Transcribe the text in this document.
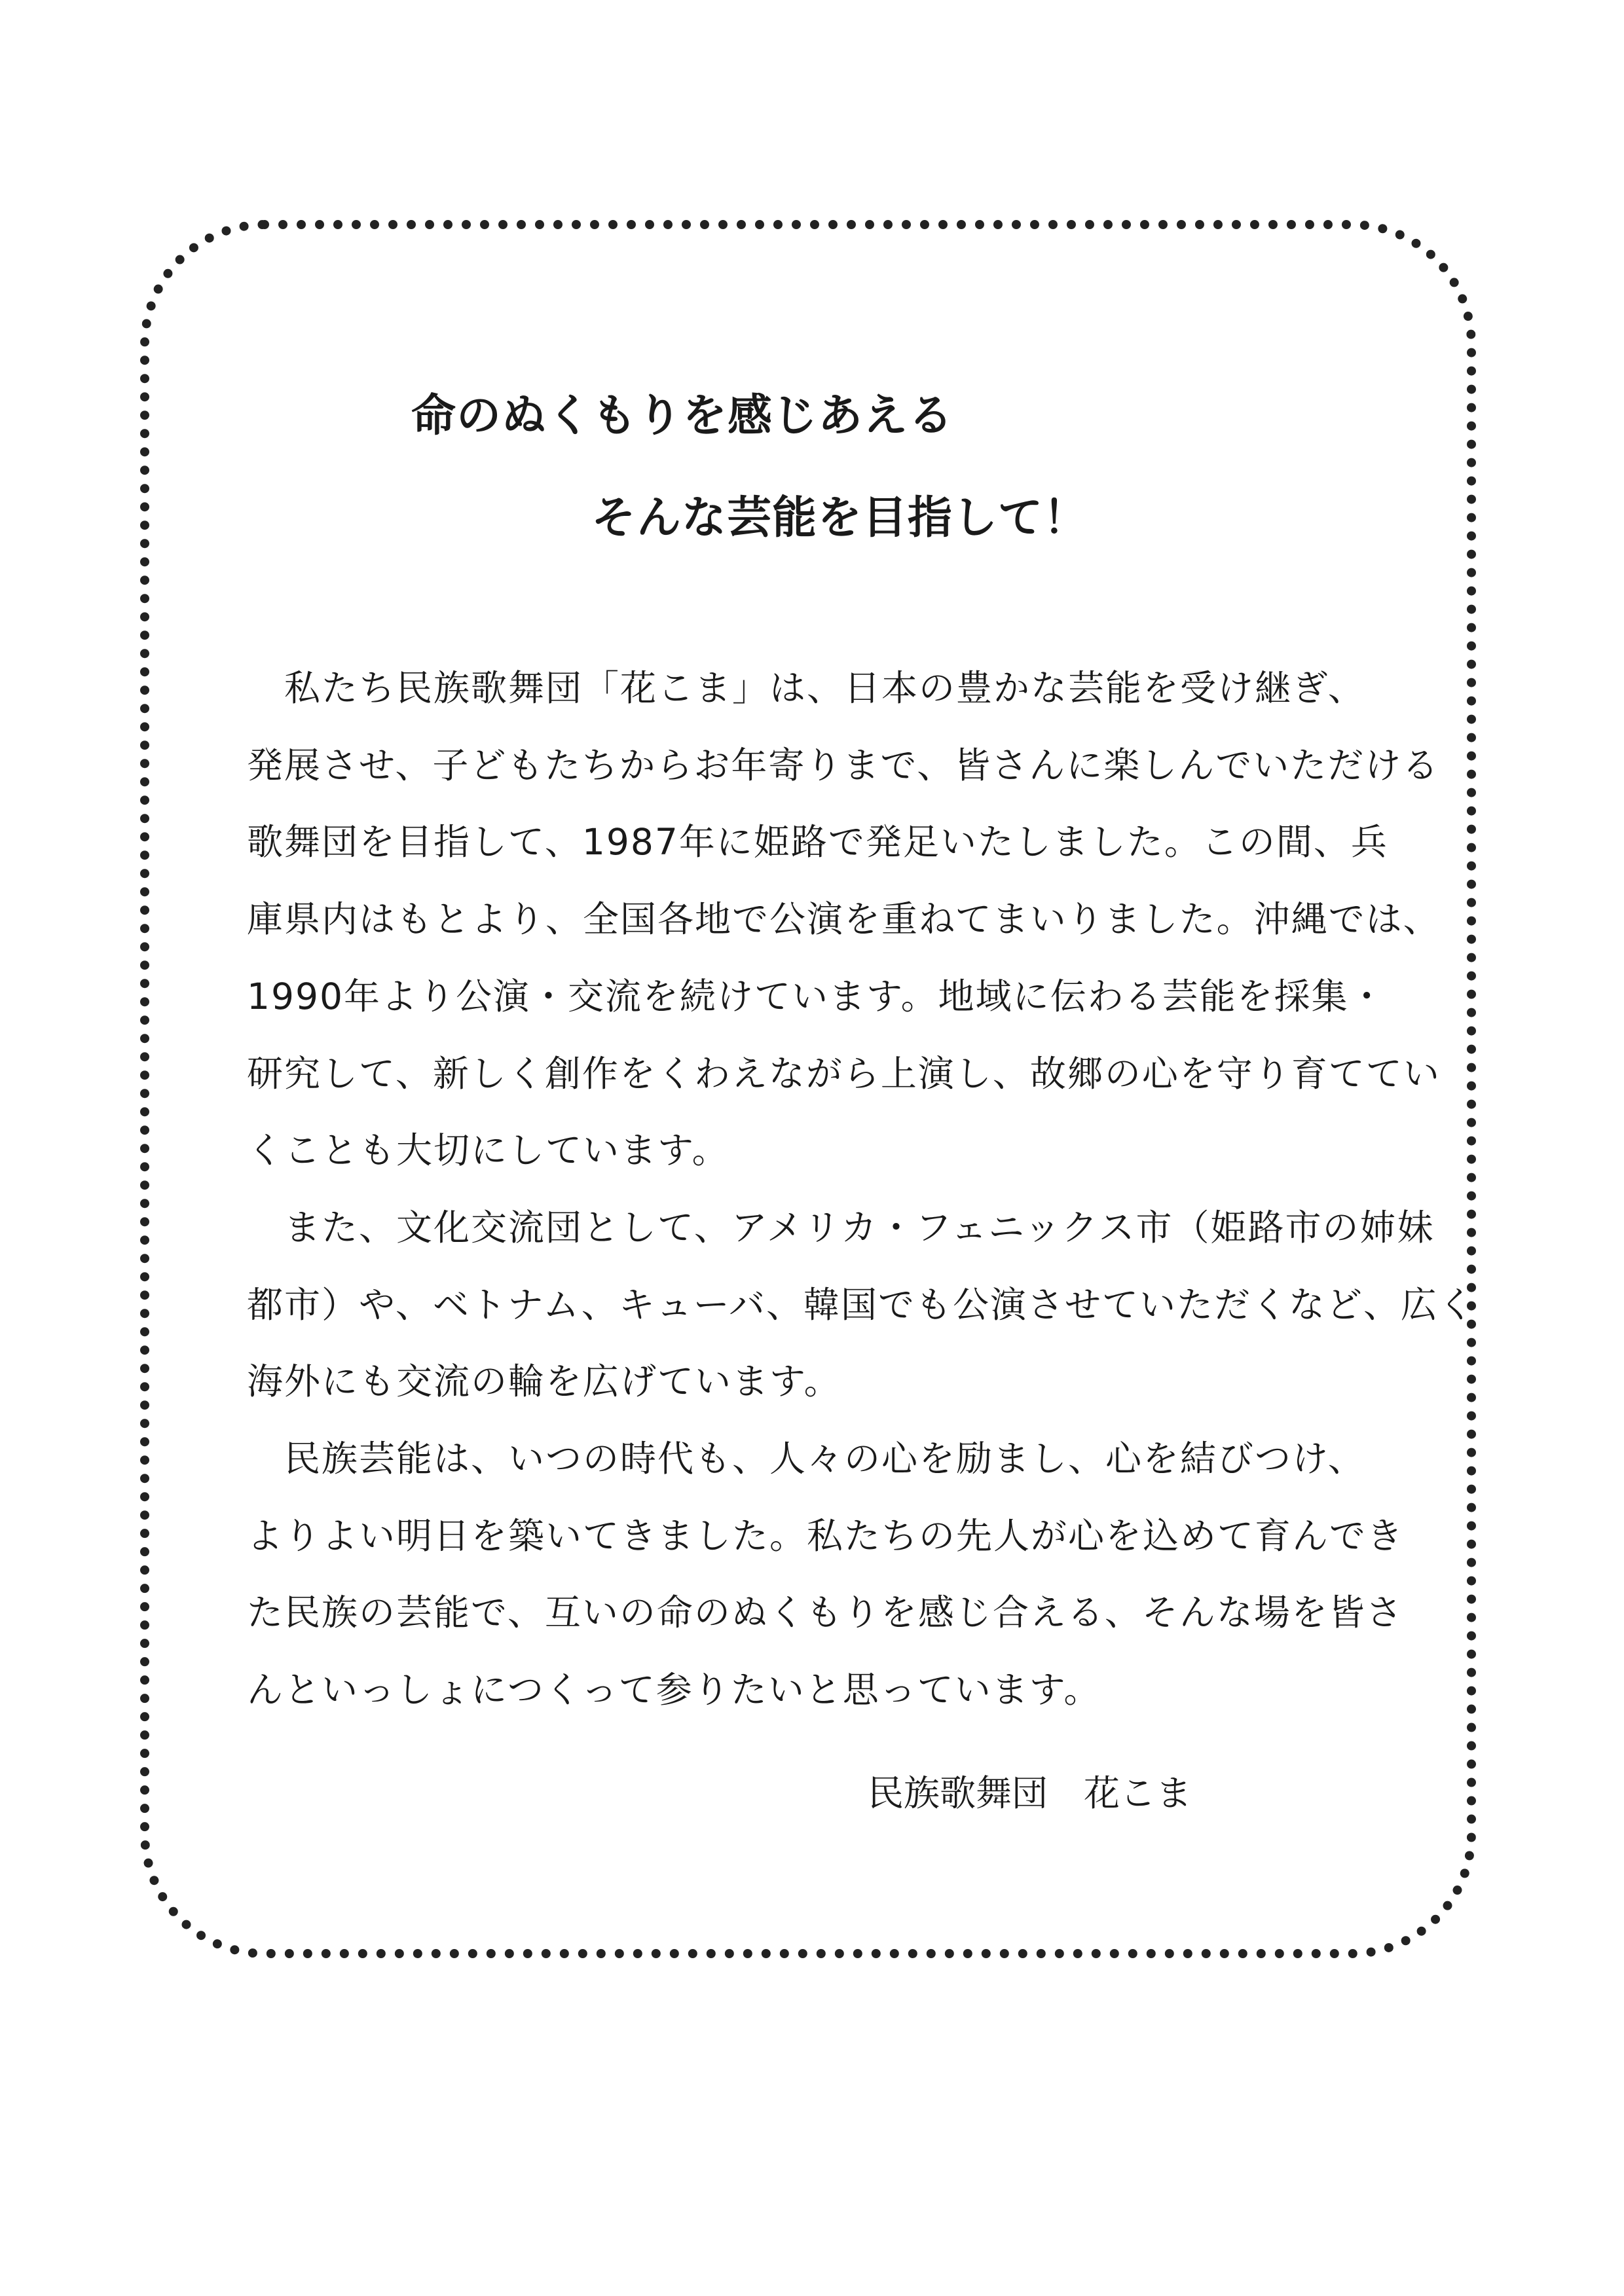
命のぬくもりを感じあえる
そんな芸能を目指して！
　私たち民族歌舞団「花こま」は、日本の豊かな芸能を受け継ぎ、
発展させ、子どもたちからお年寄りまで、皆さんに楽しんでいただける
歌舞団を目指して、1987年に姫路で発足いたしました。この間、兵
庫県内はもとより、全国各地で公演を重ねてまいりました。沖縄では、
1990年より公演・交流を続けています。地域に伝わる芸能を採集・
研究して、新しく創作をくわえながら上演し、故郷の心を守り育ててい
くことも大切にしています。
　また、文化交流団として、アメリカ・フェニックス市（姫路市の姉妹
都市）や、ベトナム、キューバ、韓国でも公演させていただくなど、広く
海外にも交流の輪を広げています。
　民族芸能は、いつの時代も、人々の心を励まし、心を結びつけ、
よりよい明日を築いてきました。私たちの先人が心を込めて育んでき
た民族の芸能で、互いの命のぬくもりを感じ合える、そんな場を皆さ
んといっしょにつくって参りたいと思っています。
民族歌舞団　花こま
